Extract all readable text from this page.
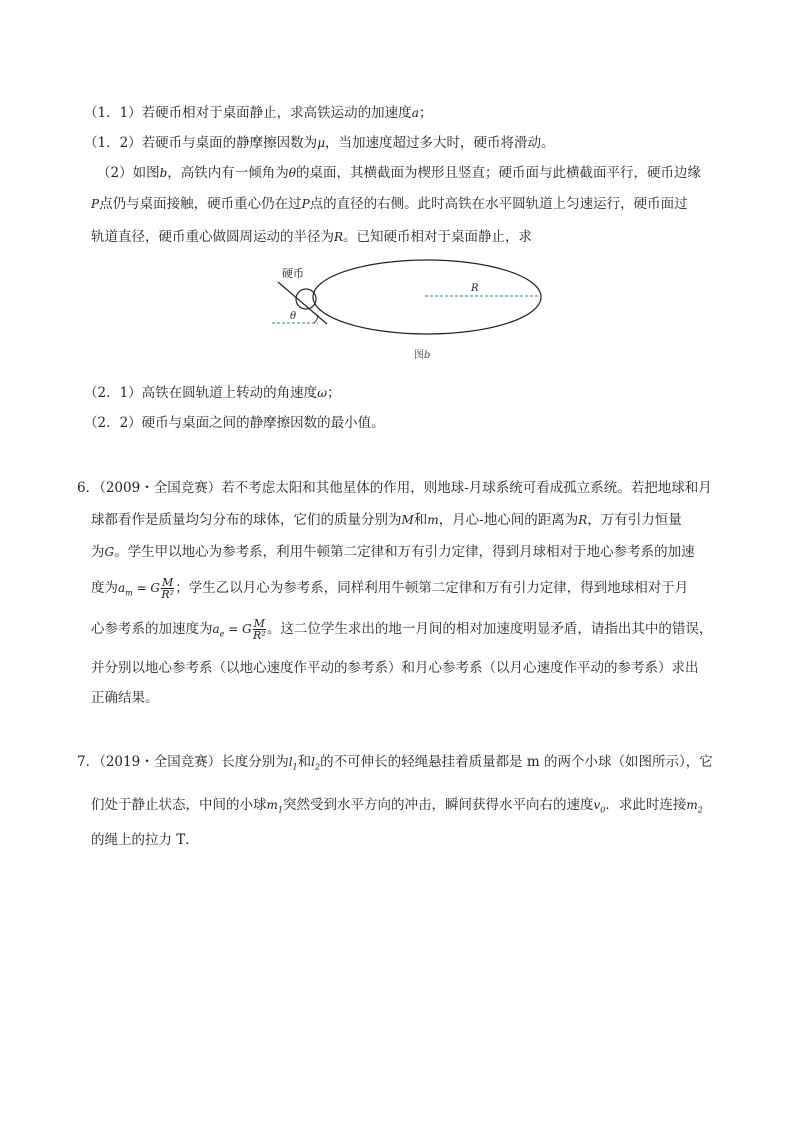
（1．1）若硬币相对于桌面静止，求高铁运动的加速度a；
（1．2）若硬币与桌面的静摩擦因数为μ，当加速度超过多大时，硬币将滑动。
（2）如图b，高铁内有一倾角为θ的桌面，其横截面为楔形且竖直；硬币面与此横截面平行，硬币边缘
P点仍与桌面接触，硬币重心仍在过P点的直径的右侧。此时高铁在水平圆轨道上匀速运行，硬币面过
轨道直径，硬币重心做圆周运动的半径为R。已知硬币相对于桌面静止，求
硬币
R
θ
图b
（2．1）高铁在圆轨道上转动的角速度ω；
（2．2）硬币与桌面之间的静摩擦因数的最小值。
6．（2009・全国竞赛）若不考虑太阳和其他星体的作用，则地球-月球系统可看成孤立系统。若把地球和月
球都看作是质量均匀分布的球体，它们的质量分别为M和m，月心-地心间的距离为R，万有引力恒量
为G。学生甲以地心为参考系，利用牛顿第二定律和万有引力定律，得到月球相对于地心参考系的加速
度为$a_m = G \frac{M}{\text{R²}}$ ；学生乙以月心为参考系，同样利用牛顿第二定律和万有引力定律，得到地球相对于月
心参考系的加速度为$a_e = G \frac{M}{\text{R²}}$ 。这二位学生求出的地一月间的相对加速度明显矛盾，请指出其中的错误，
并分别以地心参考系（以地心速度作平动的参考系）和月心参考系（以月心速度作平动的参考系）求出
正确结果。
7．（2019・全国竞赛）长度分别为$l_1$和$l_2$的不可伸长的轻绳悬挂着质量都是 m 的两个小球（如图所示），它
们处于静止状态，中间的小球$m_1$突然受到水平方向的冲击，瞬间获得水平向右的速度$v_0$．求此时连接$m_2$
的绳上的拉力 T．
